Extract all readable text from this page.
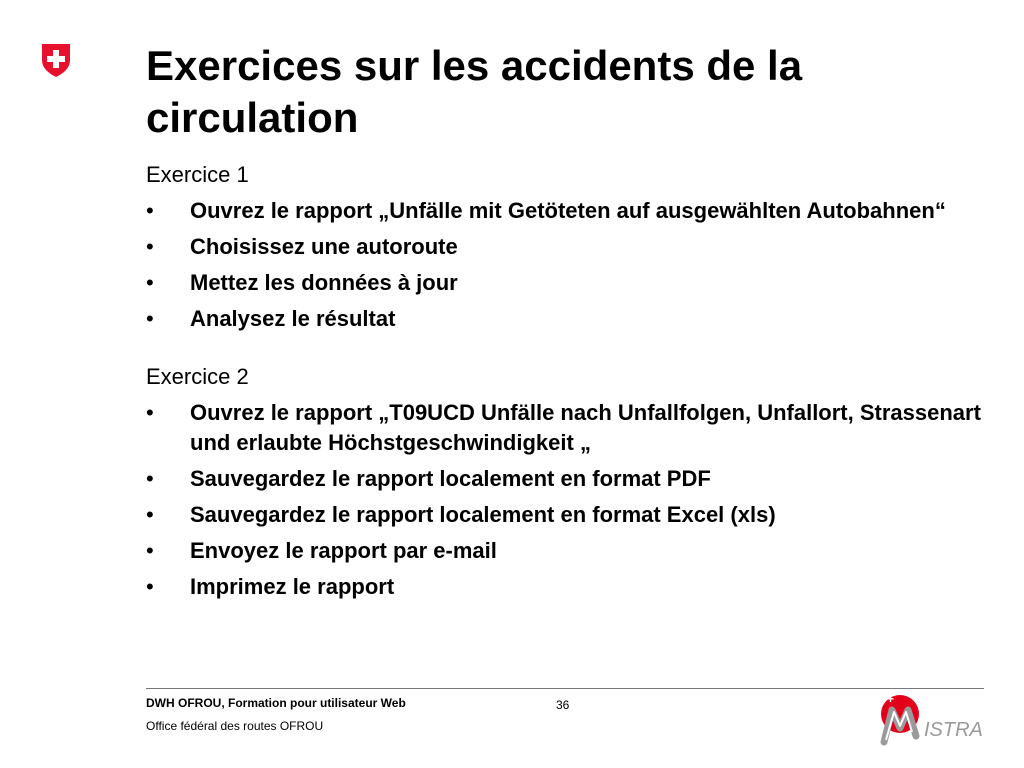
Exercices sur les accidents de la circulation
Exercice 1
•	Ouvrez le rapport „Unfälle mit Getöteten auf ausgewählten Autobahnen“
•	Choisissez une autoroute
•	Mettez les données à jour
•	Analysez le résultat
Exercice 2
•	Ouvrez le rapport „T09UCD Unfälle nach Unfallfolgen, Unfallort, Strassenart und erlaubte Höchstgeschwindigkeit „
•	Sauvegardez le rapport localement en format PDF
•	Sauvegardez le rapport localement en format Excel (xls)
•	Envoyez le rapport par e-mail
•	Imprimez le rapport
DWH OFROU, Formation pour utilisateur Web
Office fédéral des routes OFROU
36	+
ISTRA
